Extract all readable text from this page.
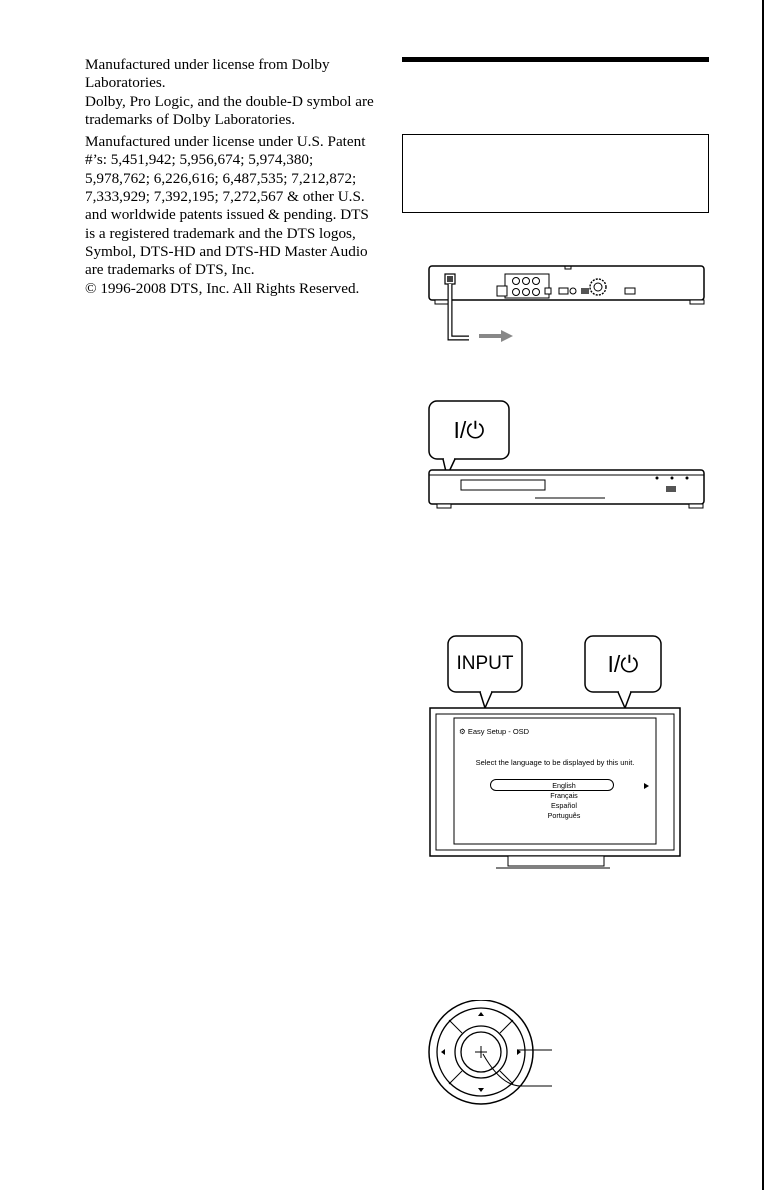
Manufactured under license from Dolby Laboratories.

Dolby, Pro Logic, and the double-D symbol are trademarks of Dolby Laboratories.

Manufactured under license under U.S. Patent #’s: 5,451,942; 5,956,674; 5,974,380; 5,978,762; 6,226,616; 6,487,535; 7,212,872; 7,333,929; 7,392,195; 7,272,567 & other U.S. and worldwide patents issued & pending. DTS is a registered trademark and the DTS logos, Symbol, DTS-HD and DTS-HD Master Audio are trademarks of DTS, Inc.

© 1996-2008 DTS, Inc. All Rights Reserved.

I/⏻
INPUT	I/⏻
⚙ Easy Setup - OSD
Select the language to be displayed by this unit.
English
Français
Español
Português
